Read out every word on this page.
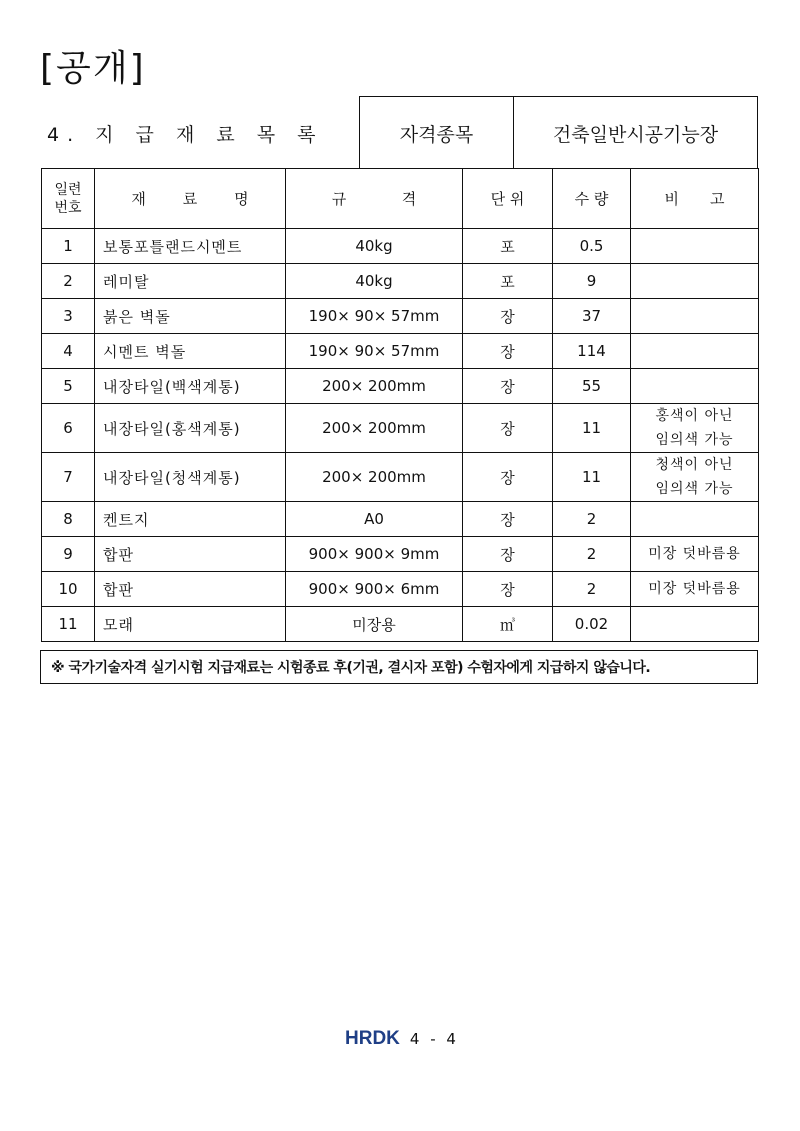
[공개]
4. 지 급 재 료 목 록	자격종목	건축일반시공기능장
일련
번호	재 료 명	규 격	단 위	수 량	비 고

1	보통포틀랜드시멘트	40kg	포	0.5	

2	레미탈	40kg	포	9	

3	붉은 벽돌	190× 90× 57mm	장	37	

4	시멘트 벽돌	190× 90× 57mm	장	114	

5	내장타일(백색계통)	200× 200mm	장	55	

6	내장타일(홍색계통)	200× 200mm	장	11	홍색이 아닌
임의색 가능

7	내장타일(청색계통)	200× 200mm	장	11	청색이 아닌
임의색 가능

8	켄트지	A0	장	2	

9	합판	900× 900× 9mm	장	2	미장 덧바름용

10	합판	900× 900× 6mm	장	2	미장 덧바름용

11	모래	미장용	㎥	0.02	
※ 국가기술자격 실기시험 지급재료는 시험종료 후(기권, 결시자 포함) 수험자에게 지급하지 않습니다.
HRDK 4 - 4
